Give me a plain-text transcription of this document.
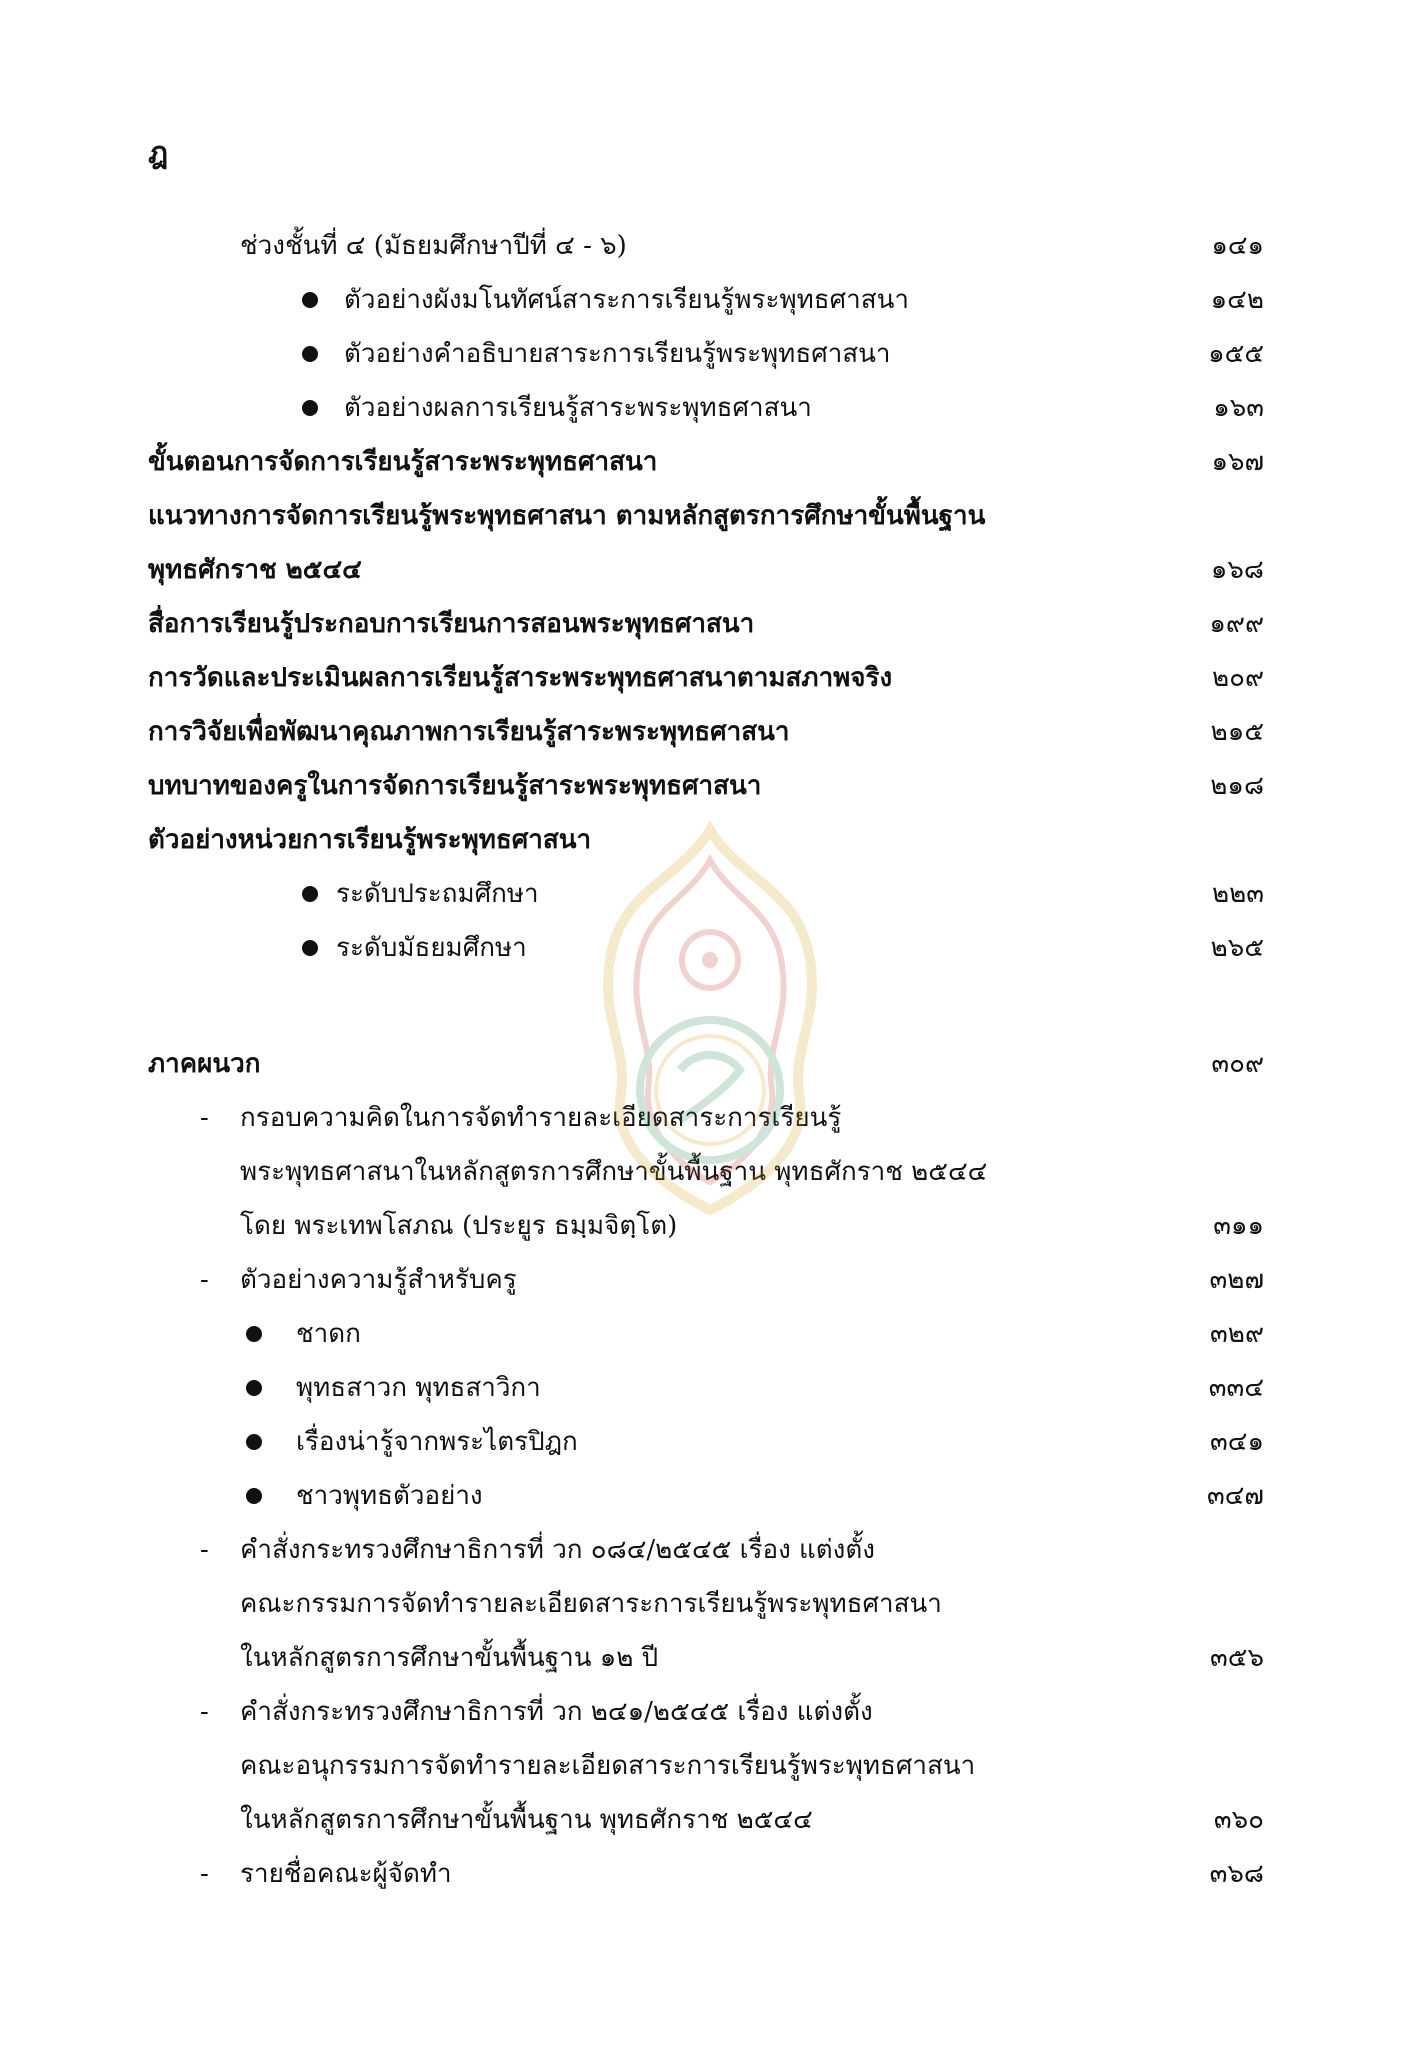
ฎ
ช่วงชั้นที่ ๔ (มัธยมศึกษาปีที่ ๔ - ๖)	๑๔๑
ตัวอย่างผังมโนทัศน์สาระการเรียนรู้พระพุทธศาสนา	๑๔๒
ตัวอย่างคำอธิบายสาระการเรียนรู้พระพุทธศาสนา	๑๕๕
ตัวอย่างผลการเรียนรู้สาระพระพุทธศาสนา	๑๖๓
ขั้นตอนการจัดการเรียนรู้สาระพระพุทธศาสนา	๑๖๗
แนวทางการจัดการเรียนรู้พระพุทธศาสนา ตามหลักสูตรการศึกษาขั้นพื้นฐาน
พุทธศักราช ๒๕๔๔	๑๖๘
สื่อการเรียนรู้ประกอบการเรียนการสอนพระพุทธศาสนา	๑๙๙
การวัดและประเมินผลการเรียนรู้สาระพระพุทธศาสนาตามสภาพจริง	๒๐๙
การวิจัยเพื่อพัฒนาคุณภาพการเรียนรู้สาระพระพุทธศาสนา	๒๑๕
บทบาทของครูในการจัดการเรียนรู้สาระพระพุทธศาสนา	๒๑๘
ตัวอย่างหน่วยการเรียนรู้พระพุทธศาสนา
ระดับประถมศึกษา	๒๒๓
ระดับมัธยมศึกษา	๒๖๕
ภาคผนวก	๓๐๙
- กรอบความคิดในการจัดทำรายละเอียดสาระการเรียนรู้
พระพุทธศาสนาในหลักสูตรการศึกษาขั้นพื้นฐาน พุทธศักราช ๒๕๔๔
โดย พระเทพโสภณ (ประยูร ธมฺมจิตฺโต)	๓๑๑
- ตัวอย่างความรู้สำหรับครู	๓๒๗
ชาดก	๓๒๙
พุทธสาวก พุทธสาวิกา	๓๓๔
เรื่องน่ารู้จากพระไตรปิฎก	๓๔๑
ชาวพุทธตัวอย่าง	๓๔๗
- คำสั่งกระทรวงศึกษาธิการที่ วก ๐๘๔/๒๕๔๕ เรื่อง แต่งตั้ง
คณะกรรมการจัดทำรายละเอียดสาระการเรียนรู้พระพุทธศาสนา
ในหลักสูตรการศึกษาขั้นพื้นฐาน ๑๒ ปี	๓๕๖
- คำสั่งกระทรวงศึกษาธิการที่ วก ๒๔๑/๒๕๔๕ เรื่อง แต่งตั้ง
คณะอนุกรรมการจัดทำรายละเอียดสาระการเรียนรู้พระพุทธศาสนา
ในหลักสูตรการศึกษาขั้นพื้นฐาน พุทธศักราช ๒๕๔๔	๓๖๐
- รายชื่อคณะผู้จัดทำ	๓๖๘
